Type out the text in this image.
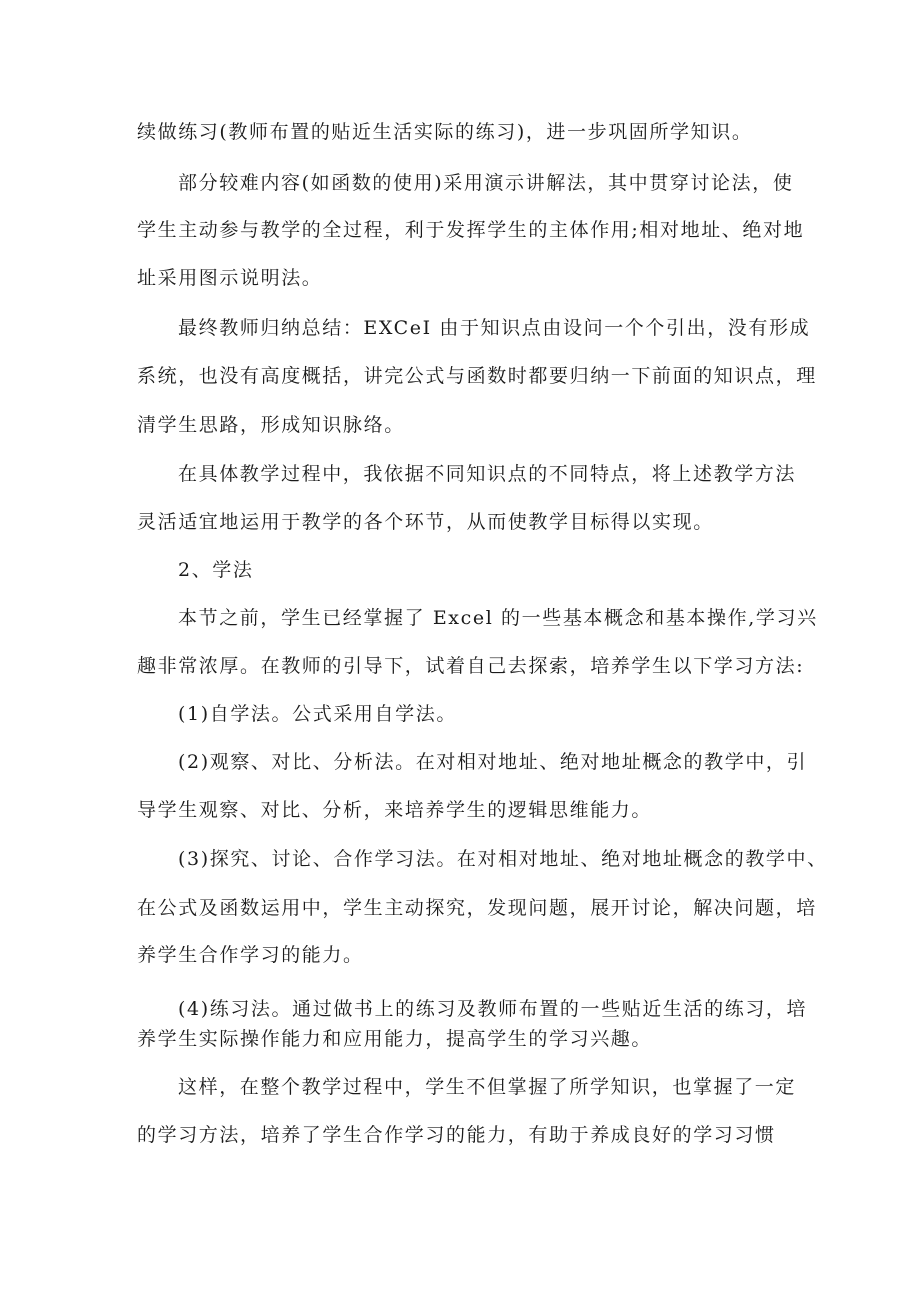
续做练习(教师布置的贴近生活实际的练习)，进一步巩固所学知识。
部分较难内容(如函数的使用)采用演示讲解法，其中贯穿讨论法，使
学生主动参与教学的全过程，利于发挥学生的主体作用;相对地址、绝对地
址采用图示说明法。
最终教师归纳总结：EXCeI 由于知识点由设问一个个引出，没有形成
系统，也没有高度概括，讲完公式与函数时都要归纳一下前面的知识点，理
清学生思路，形成知识脉络。
在具体教学过程中，我依据不同知识点的不同特点，将上述教学方法
灵活适宜地运用于教学的各个环节，从而使教学目标得以实现。
2、学法
本节之前，学生已经掌握了 Excel 的一些基本概念和基本操作,学习兴
趣非常浓厚。在教师的引导下，试着自己去探索，培养学生以下学习方法:
(1)自学法。公式采用自学法。
(2)观察、对比、分析法。在对相对地址、绝对地址概念的教学中，引
导学生观察、对比、分析，来培养学生的逻辑思维能力。
(3)探究、讨论、合作学习法。在对相对地址、绝对地址概念的教学中、
在公式及函数运用中，学生主动探究，发现问题，展开讨论，解决问题，培
养学生合作学习的能力。
(4)练习法。通过做书上的练习及教师布置的一些贴近生活的练习，培
养学生实际操作能力和应用能力，提高学生的学习兴趣。
这样，在整个教学过程中，学生不但掌握了所学知识，也掌握了一定
的学习方法，培养了学生合作学习的能力，有助于养成良好的学习习惯
